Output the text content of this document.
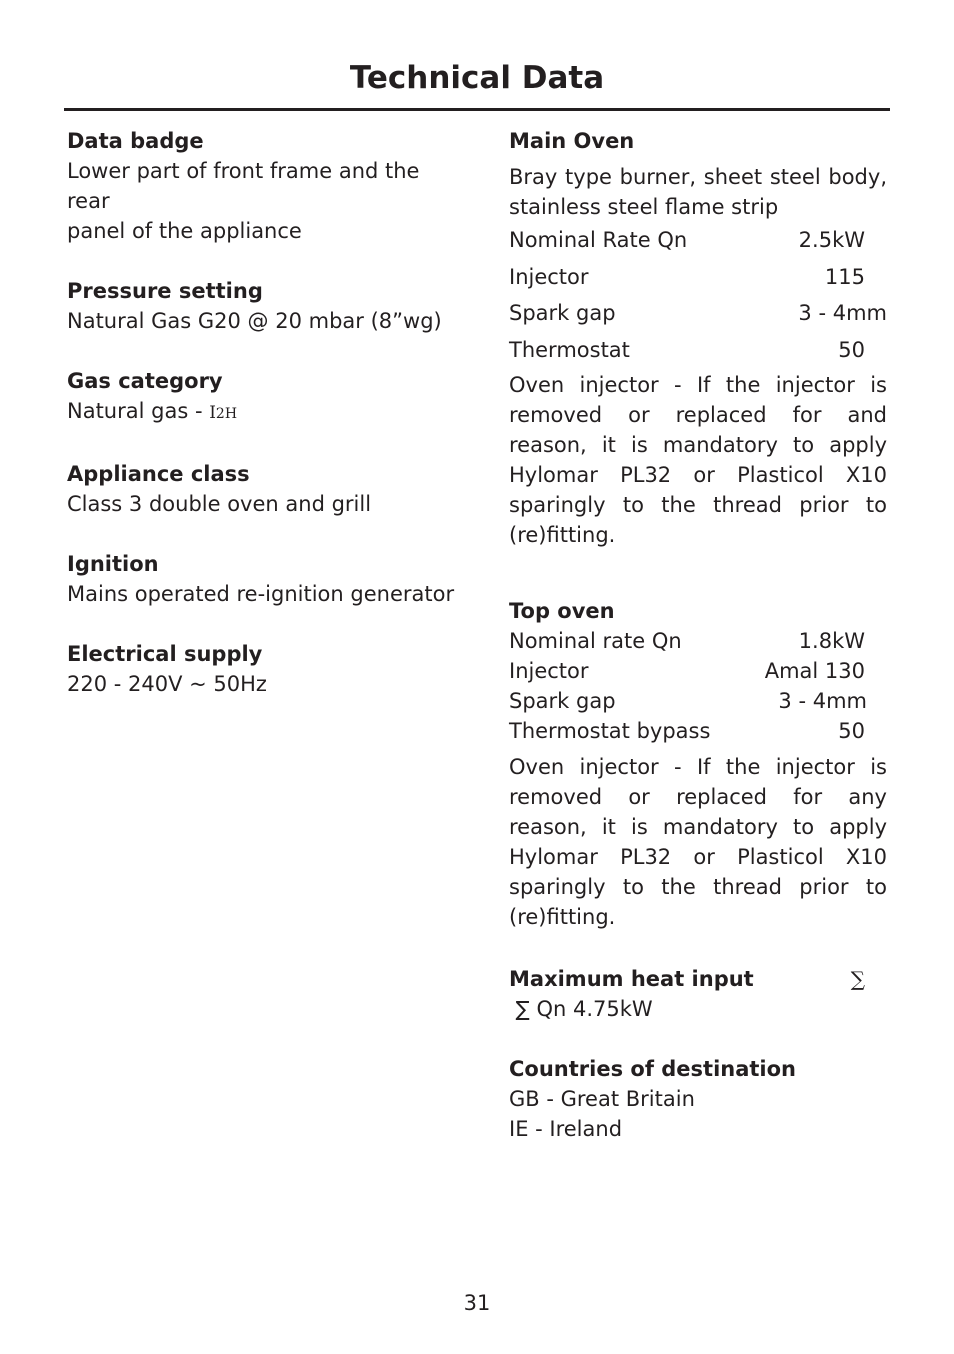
Technical Data
Data badge
Lower part of front frame and the rear
panel of the appliance
Pressure setting
Natural Gas G20 @ 20 mbar (8”wg)
Gas category
Natural gas - I2H
Appliance class
Class 3 double oven and grill
Ignition
Mains operated re-ignition generator
Electrical supply
220 - 240V ~ 50Hz
Main Oven
Bray type burner, sheet steel body, stainless steel flame strip
Nominal Rate Qn	2.5kW
Injector	115
Spark gap	3 - 4mm
Thermostat	50
Oven injector - If the injector is removed or replaced for and reason, it is mandatory to apply Hylomar PL32 or Plasticol X10 sparingly to the thread prior to (re)fitting.
Top oven
Nominal rate Qn	1.8kW
Injector	Amal 130
Spark gap	3 - 4mm
Thermostat bypass	50
Oven injector - If the injector is removed or replaced for any reason, it is mandatory to apply Hylomar PL32 or Plasticol X10 sparingly to the thread prior to (re)fitting.
Maximum heat input	∑
∑ Qn 4.75kW
Countries of destination
GB - Great Britain
IE - Ireland
31
